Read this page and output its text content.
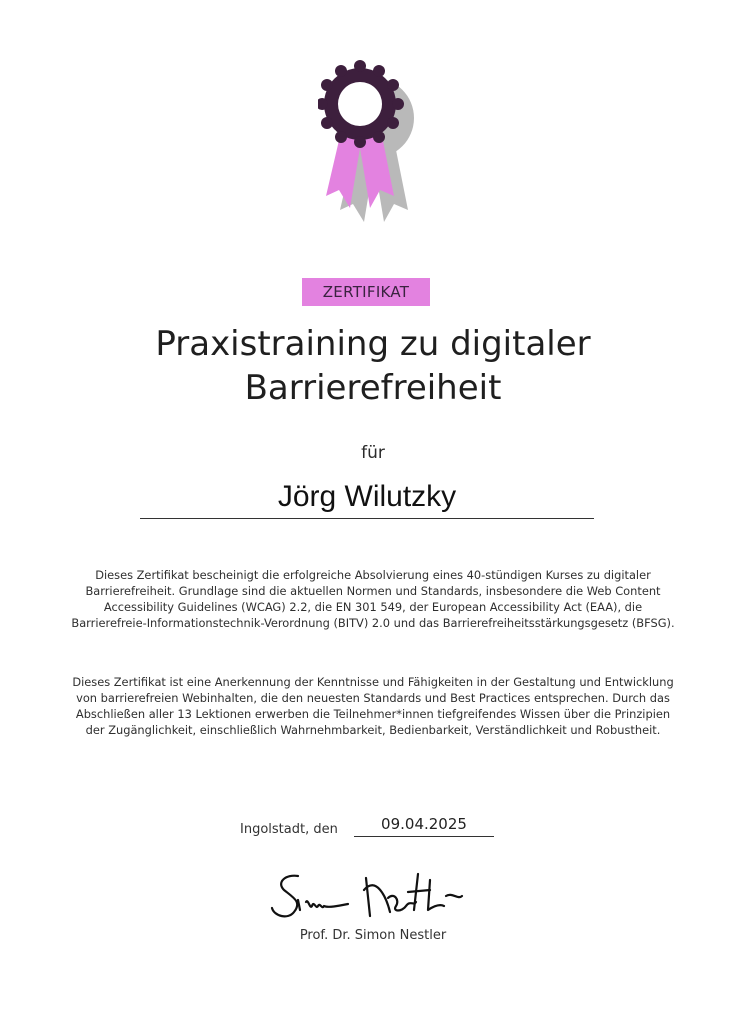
ZERTIFIKAT
Praxistraining zu digitaler Barrierefreiheit
für
Jörg Wilutzky

Dieses Zertifikat bescheinigt die erfolgreiche Absolvierung eines 40-stündigen Kurses zu digitaler Barrierefreiheit. Grundlage sind die aktuellen Normen und Standards, insbesondere die Web Content Accessibility Guidelines (WCAG) 2.2, die EN 301 549, der European Accessibility Act (EAA), die Barrierefreie-Informationstechnik-Verordnung (BITV) 2.0 und das Barrierefreiheitsstärkungsgesetz (BFSG).

Dieses Zertifikat ist eine Anerkennung der Kenntnisse und Fähigkeiten in der Gestaltung und Entwicklung von barrierefreien Webinhalten, die den neuesten Standards und Best Practices entsprechen. Durch das Abschließen aller 13 Lektionen erwerben die Teilnehmer*innen tiefgreifendes Wissen über die Prinzipien der Zugänglichkeit, einschließlich Wahrnehmbarkeit, Bedienbarkeit, Verständlichkeit und Robustheit.

Ingolstadt, den	09.04.2025
Prof. Dr. Simon Nestler
